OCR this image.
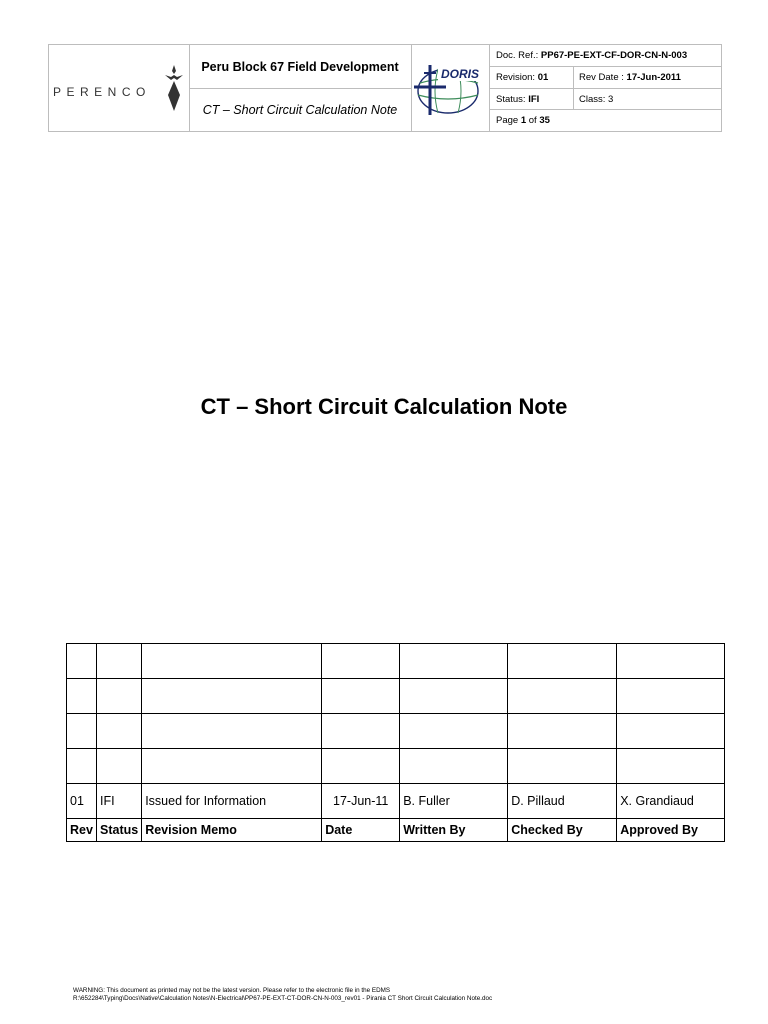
PERENCO
Peru Block 67 Field Development
CT – Short Circuit Calculation Note
DORIS
Doc. Ref.: PP67-PE-EXT-CF-DOR-CN-N-003
Revision: 01	Rev Date : 17-Jun-2011
Status: IFI	Class: 3
Page 1 of 35
CT – Short Circuit Calculation Note

01	IFI	Issued for Information	17-Jun-11	B. Fuller	D. Pillaud	X. Grandiaud
Rev	Status	Revision Memo	Date	Written By	Checked By	Approved By
WARNING: This document as printed may not be the latest version. Please refer to the electronic file in the EDMS
R:\652284\Typing\Docs\Native\Calculation Notes\N-Electrical\PP67-PE-EXT-CT-DOR-CN-N-003_rev01 - Pirania CT Short Circuit Calculation Note.doc
